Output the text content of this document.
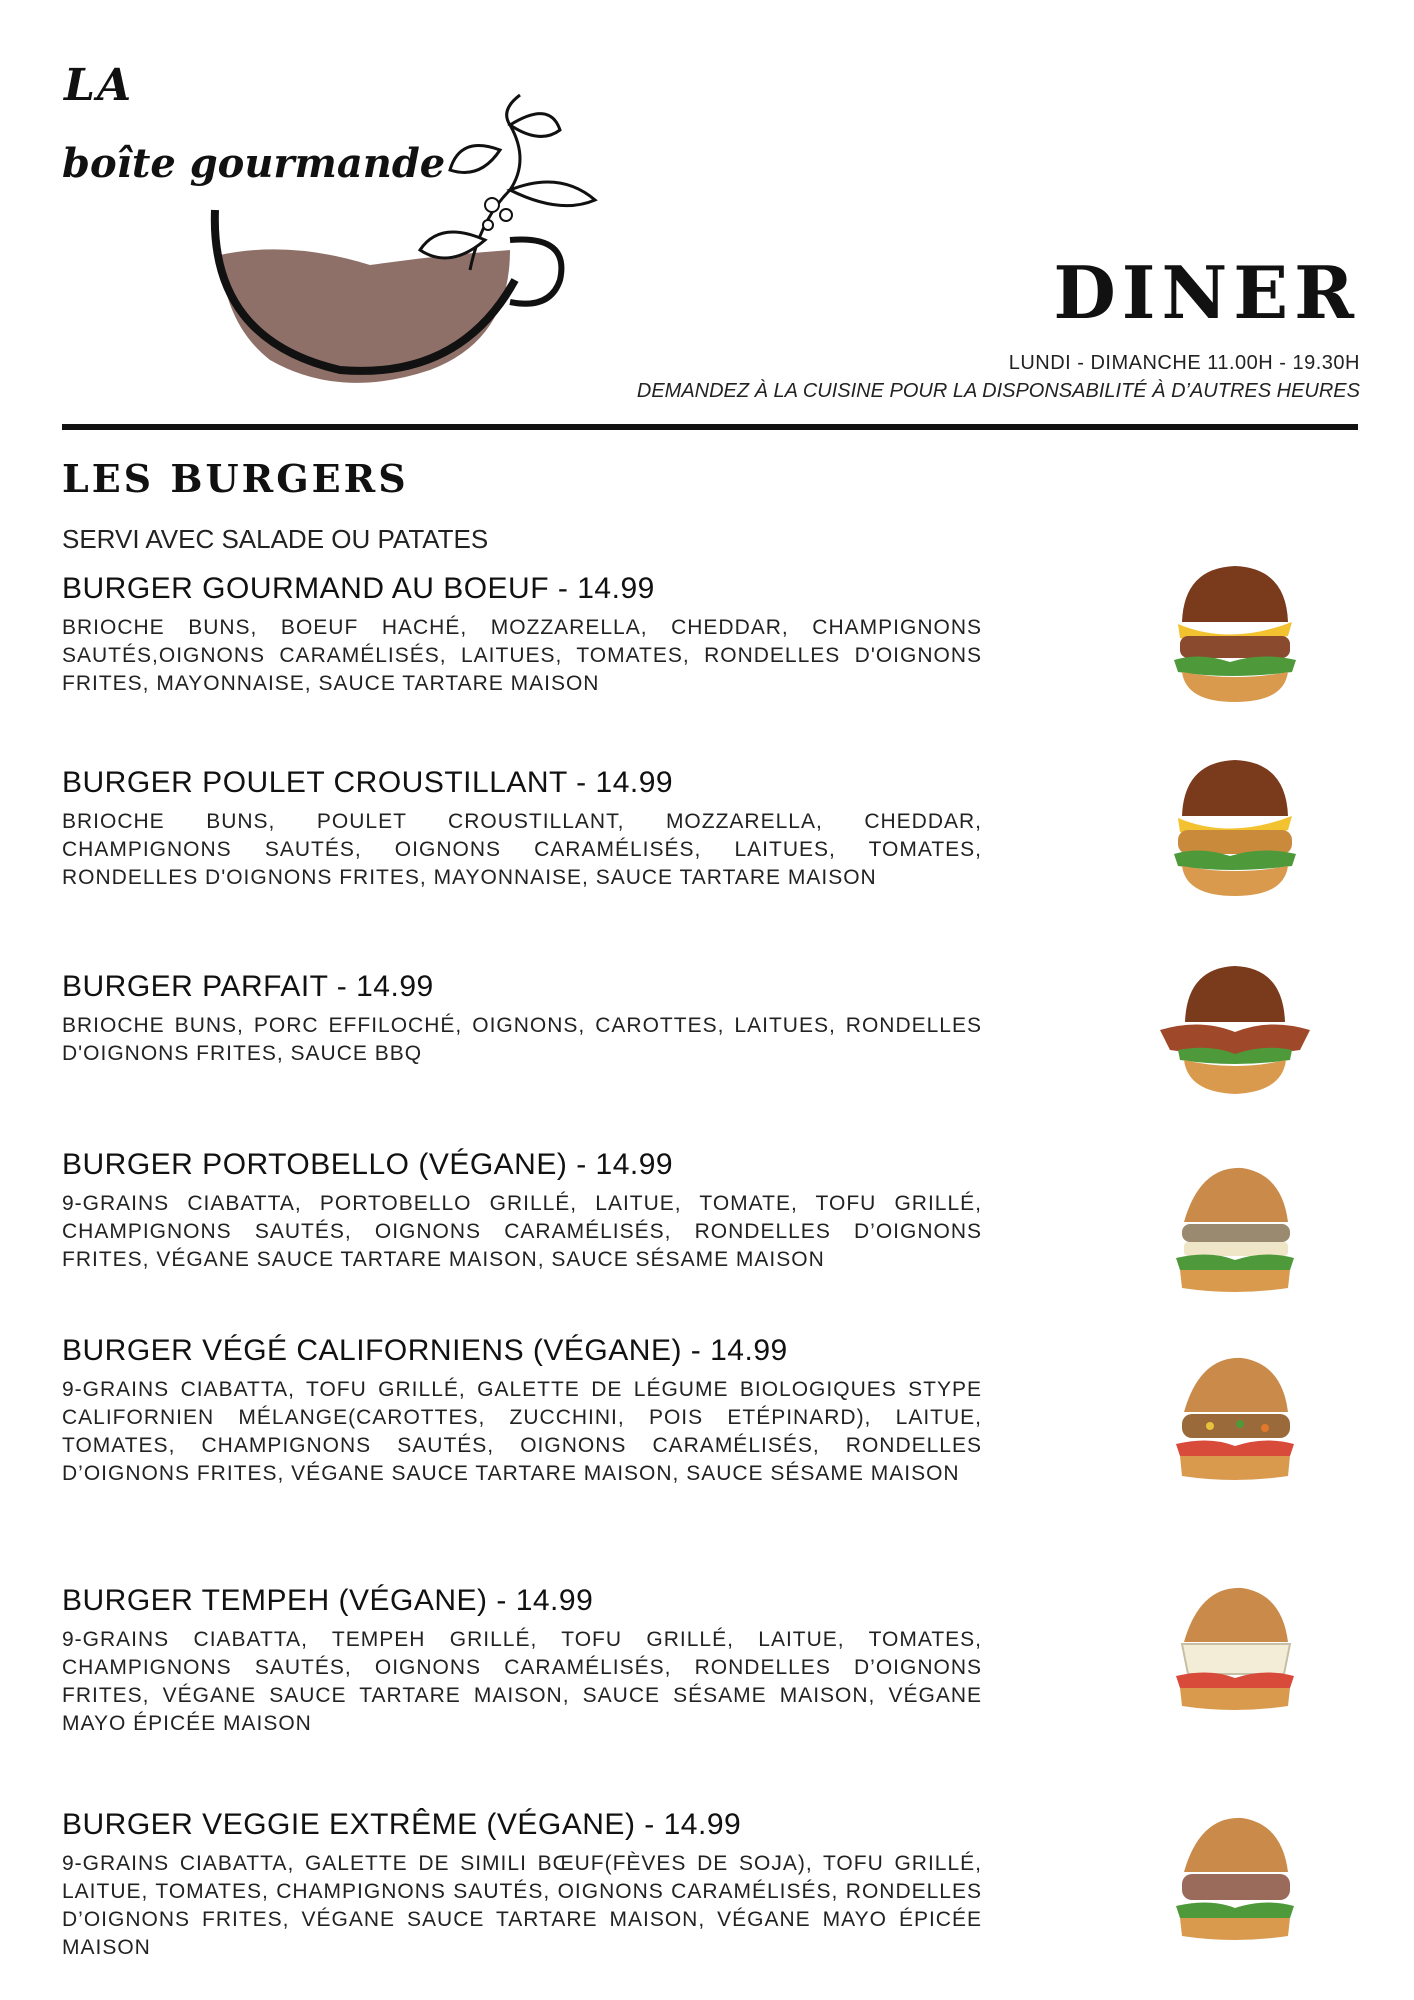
LA
boîte gourmande
DINER
LUNDI - DIMANCHE 11.00H - 19.30H
DEMANDEZ À LA CUISINE POUR LA DISPONSABILITÉ À D’AUTRES HEURES
LES BURGERS
SERVI AVEC SALADE OU PATATES

BURGER GOURMAND AU BOEUF - 14.99

BRIOCHE BUNS, BOEUF HACHÉ, MOZZARELLA, CHEDDAR, CHAMPIGNONS SAUTÉS,OIGNONS CARAMÉLISÉS, LAITUES, TOMATES, RONDELLES D'OIGNONS FRITES, MAYONNAISE, SAUCE TARTARE MAISON

BURGER POULET CROUSTILLANT - 14.99

BRIOCHE BUNS, POULET CROUSTILLANT, MOZZARELLA, CHEDDAR, CHAMPIGNONS SAUTÉS, OIGNONS CARAMÉLISÉS, LAITUES, TOMATES, RONDELLES D'OIGNONS FRITES, MAYONNAISE, SAUCE TARTARE MAISON

BURGER PARFAIT - 14.99

BRIOCHE BUNS, PORC EFFILOCHÉ, OIGNONS, CAROTTES, LAITUES, RONDELLES D'OIGNONS FRITES, SAUCE BBQ

BURGER PORTOBELLO (VÉGANE) - 14.99

9-GRAINS CIABATTA, PORTOBELLO GRILLÉ, LAITUE, TOMATE, TOFU GRILLÉ, CHAMPIGNONS SAUTÉS, OIGNONS CARAMÉLISÉS, RONDELLES D’OIGNONS FRITES, VÉGANE SAUCE TARTARE MAISON, SAUCE SÉSAME MAISON

BURGER VÉGÉ CALIFORNIENS (VÉGANE) - 14.99

9-GRAINS CIABATTA, TOFU GRILLÉ, GALETTE DE LÉGUME BIOLOGIQUES STYPE CALIFORNIEN MÉLANGE(CAROTTES, ZUCCHINI, POIS ETÉPINARD), LAITUE, TOMATES, CHAMPIGNONS SAUTÉS, OIGNONS CARAMÉLISÉS, RONDELLES D’OIGNONS FRITES, VÉGANE SAUCE TARTARE MAISON, SAUCE SÉSAME MAISON

BURGER TEMPEH (VÉGANE) - 14.99

9-GRAINS CIABATTA, TEMPEH GRILLÉ, TOFU GRILLÉ, LAITUE, TOMATES, CHAMPIGNONS SAUTÉS, OIGNONS CARAMÉLISÉS, RONDELLES D’OIGNONS FRITES, VÉGANE SAUCE TARTARE MAISON, SAUCE SÉSAME MAISON, VÉGANE MAYO ÉPICÉE MAISON

BURGER VEGGIE EXTRÊME (VÉGANE) - 14.99

9-GRAINS CIABATTA, GALETTE DE SIMILI BŒUF(FÈVES DE SOJA), TOFU GRILLÉ, LAITUE, TOMATES, CHAMPIGNONS SAUTÉS, OIGNONS CARAMÉLISÉS, RONDELLES D’OIGNONS FRITES, VÉGANE SAUCE TARTARE MAISON, VÉGANE MAYO ÉPICÉE MAISON
